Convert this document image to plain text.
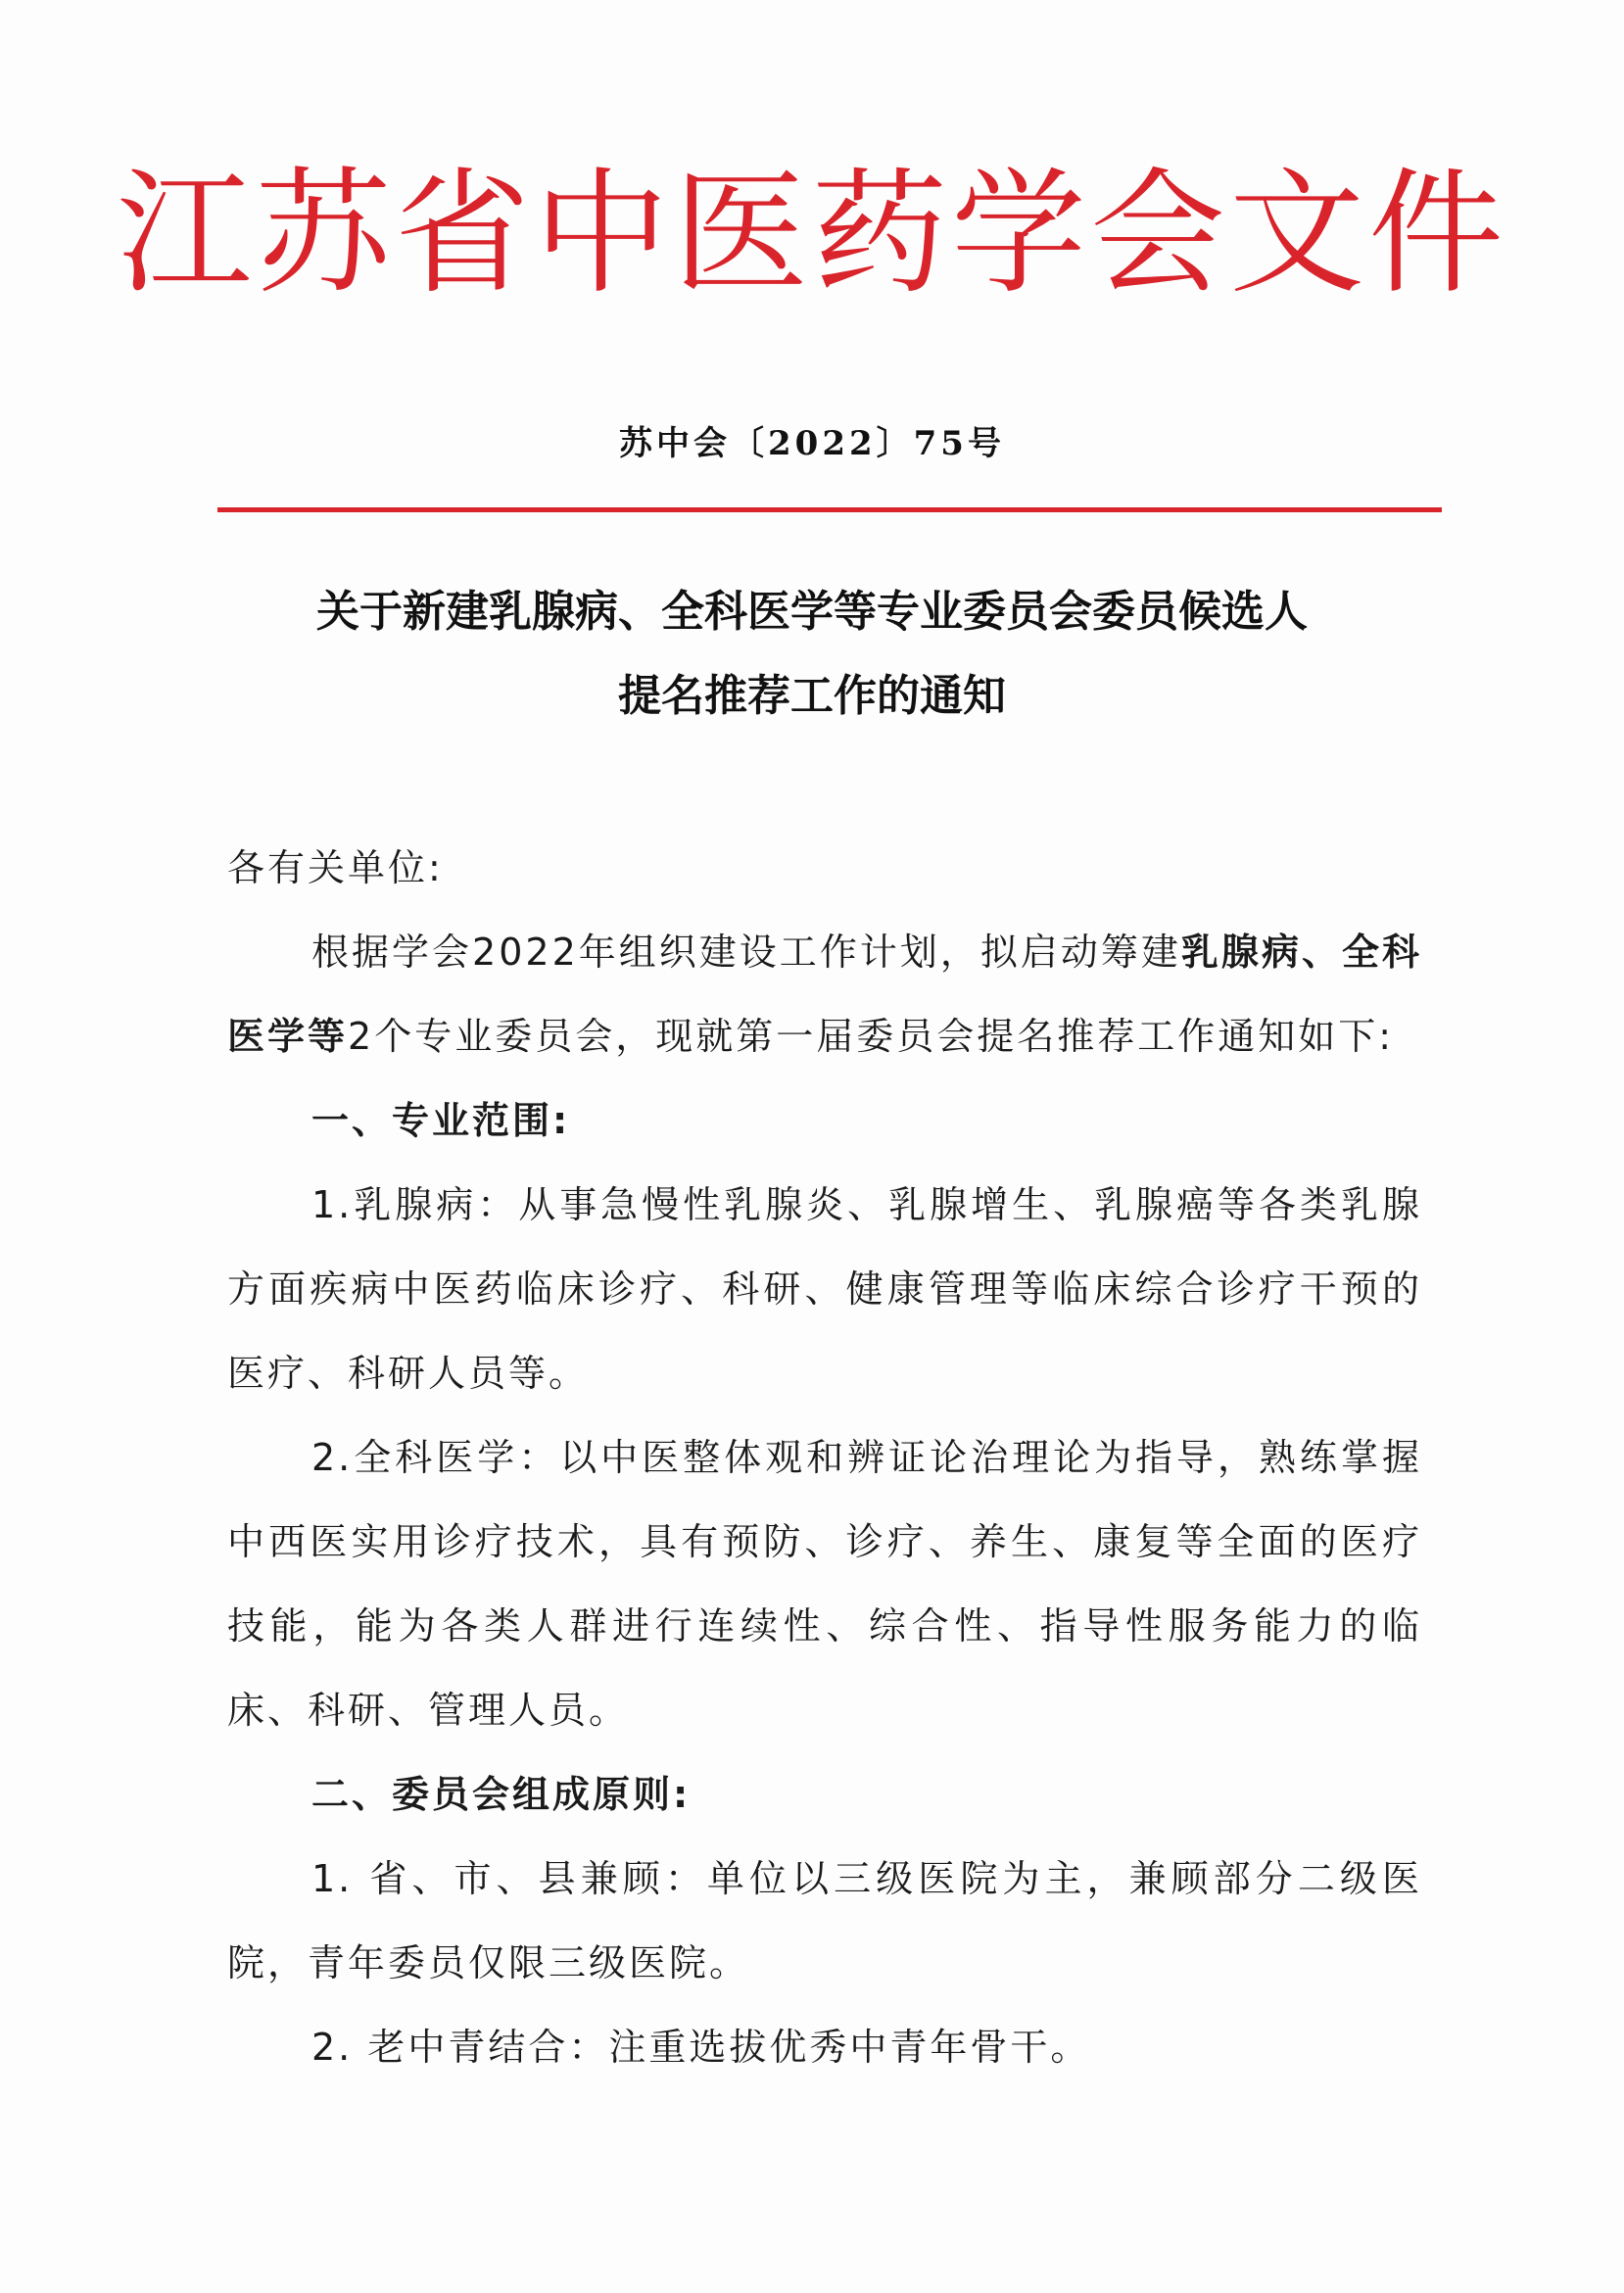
江苏省中医药学会文件
苏中会〔2022〕75号
关于新建乳腺病、全科医学等专业委员会委员候选人
提名推荐工作的通知

各有关单位:

根据学会2022年组织建设工作计划，拟启动筹建乳腺病、全科医学等2个专业委员会，现就第一届委员会提名推荐工作通知如下:

一、专业范围:

1.乳腺病：从事急慢性乳腺炎、乳腺增生、乳腺癌等各类乳腺方面疾病中医药临床诊疗、科研、健康管理等临床综合诊疗干预的医疗、科研人员等。

2.全科医学：以中医整体观和辨证论治理论为指导，熟练掌握中西医实用诊疗技术，具有预防、诊疗、养生、康复等全面的医疗技能，能为各类人群进行连续性、综合性、指导性服务能力的临床、科研、管理人员。

二、委员会组成原则:

1. 省、市、县兼顾：单位以三级医院为主，兼顾部分二级医院，青年委员仅限三级医院。

2. 老中青结合：注重选拔优秀中青年骨干。
